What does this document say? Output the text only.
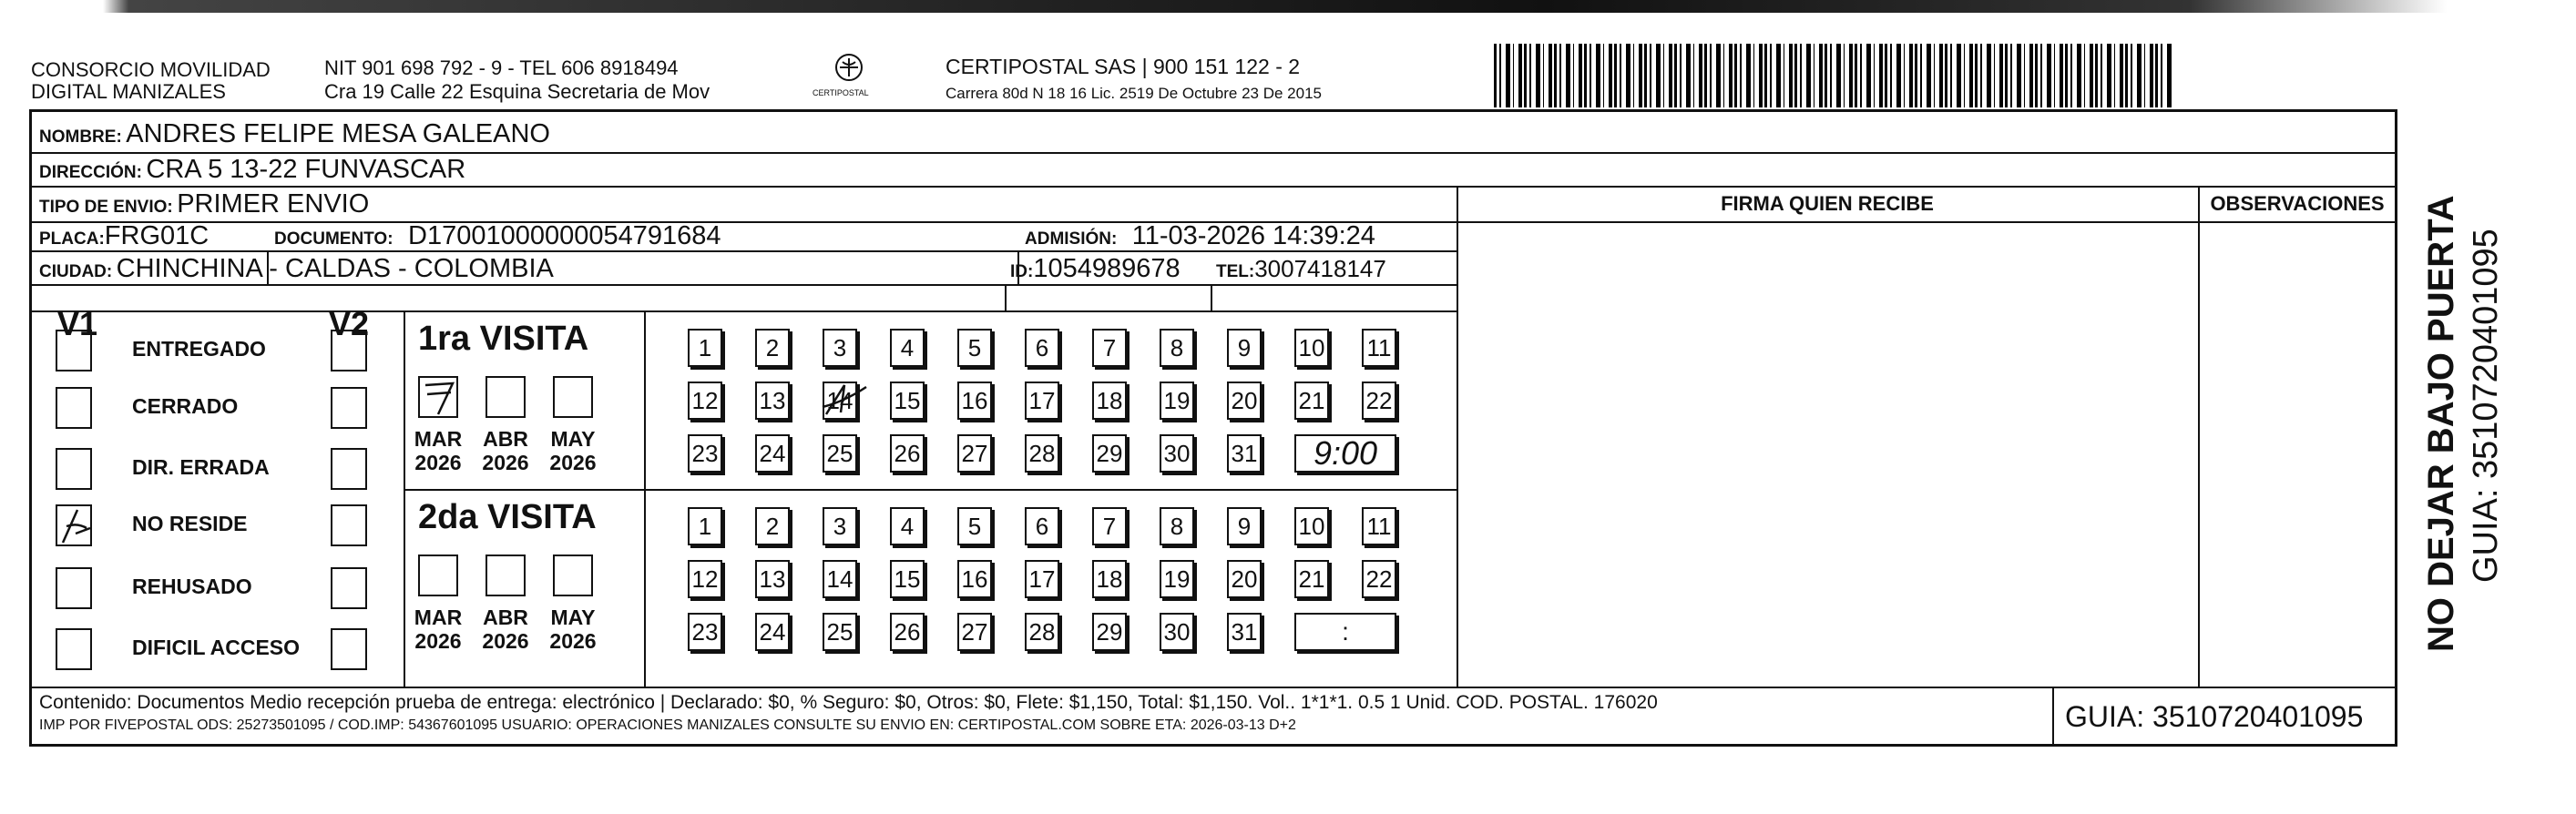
CONSORCIO MOVILIDAD
DIGITAL MANIZALES
NIT 901 698 792 - 9 - TEL 606 8918494
Cra 19 Calle 22 Esquina Secretaria de Mov	CERTIPOSTAL
CERTIPOSTAL SAS | 900 151 122 - 2
Carrera 80d N 18 16 Lic. 2519 De Octubre 23 De 2015
NOMBRE: ANDRES FELIPE MESA GALEANO
DIRECCIÓN: CRA 5 13-22 FUNVASCAR
TIPO DE ENVIO: PRIMER ENVIO
PLACA:FRG01C	DOCUMENTO: D17001000000054791684	ADMISIÓN: 11-03-2026 14:39:24
CIUDAD: CHINCHINA - CALDAS - COLOMBIA	ID:1054989678 TEL:3007418147
FIRMA QUIEN RECIBE	OBSERVACIONES
V1	V2
ENTREGADO
CERRADO
DIR. ERRADA
NO RESIDE
REHUSADO
DIFICIL ACCESO
1ra VISITA
MAR
2026
ABR
2026
MAY
2026
1 2 3 4 5 6 7 8 9 10 11
12 13 14 15 16 17 18 19 20 21 22
23 24 25 26 27 28 29 30 31 9:00
2da VISITA
MAR
2026
ABR
2026
MAY
2026
1 2 3 4 5 6 7 8 9 10 11
12 13 14 15 16 17 18 19 20 21 22
23 24 25 26 27 28 29 30 31	:
Contenido: Documentos Medio recepción prueba de entrega: electrónico | Declarado: $0, % Seguro: $0, Otros: $0, Flete: $1,150, Total: $1,150. Vol.. 1*1*1. 0.5 1 Unid. COD. POSTAL. 176020
IMP POR FIVEPOSTAL ODS: 25273501095 / COD.IMP: 54367601095 USUARIO: OPERACIONES MANIZALES CONSULTE SU ENVIO EN: CERTIPOSTAL.COM SOBRE ETA: 2026-03-13 D+2	GUIA: 3510720401095
NO DEJAR BAJO PUERTA GUIA: 3510720401095
